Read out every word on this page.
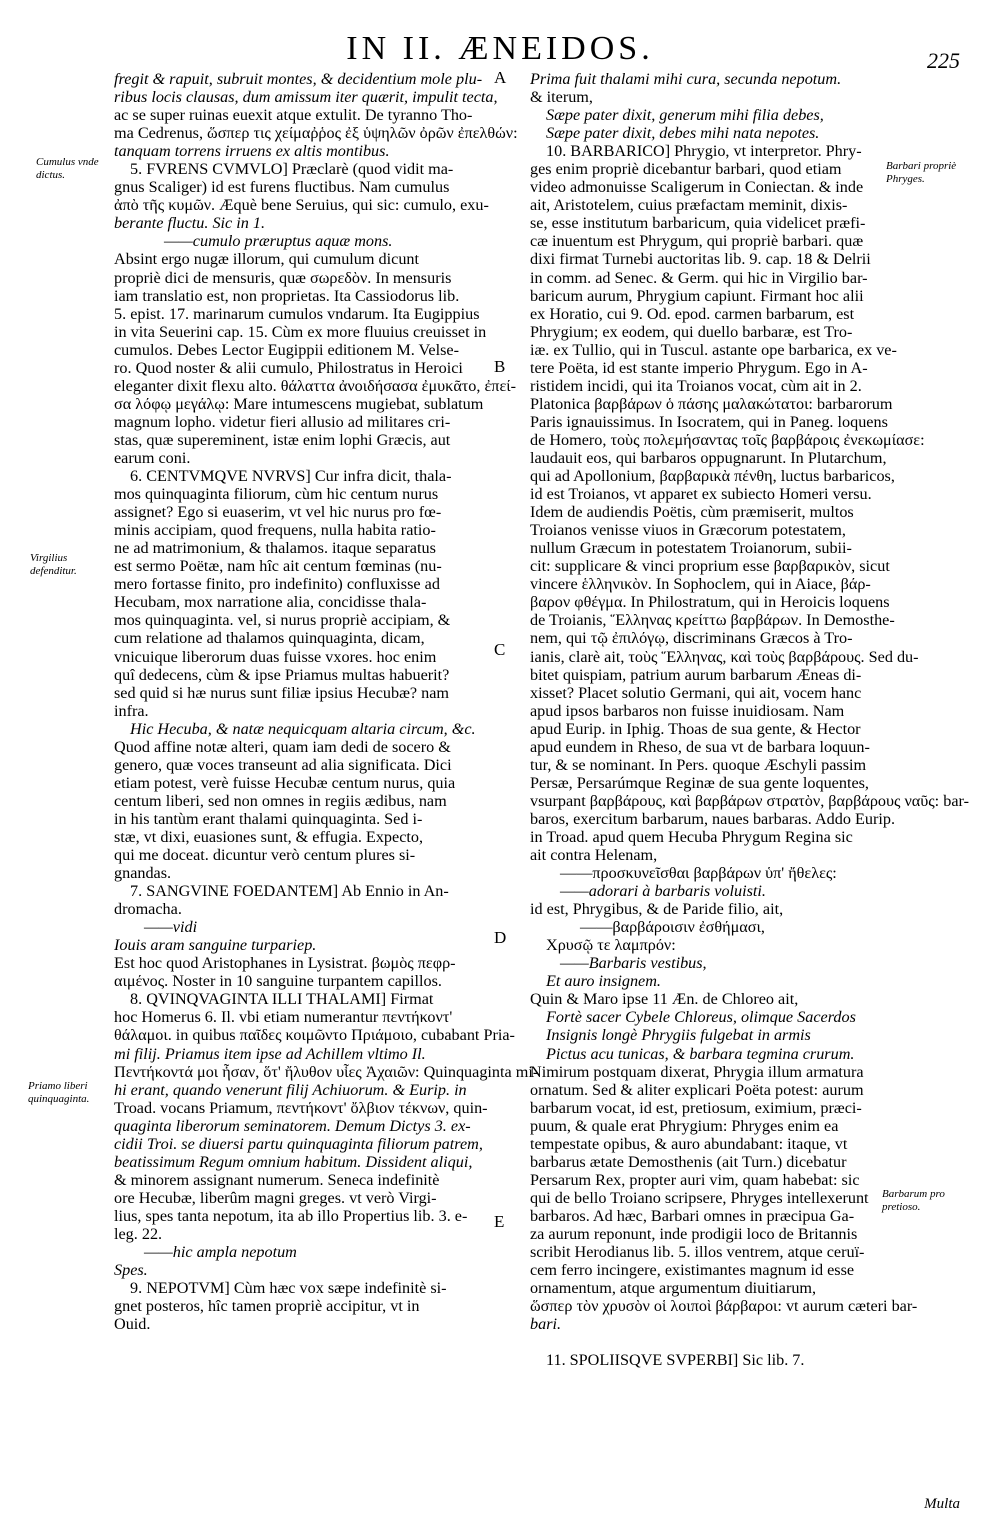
IN II. ÆNEIDOS.	225
fregit & rapuit, subruit montes, & decidentium mole plu-
ribus locis clausas, dum amissum iter quærit, impulit tecta,
ac se super ruinas euexit atque extulit. De tyranno Tho-
ma Cedrenus, ὥσπερ τις χείμαῤῥος ἐξ ὑψηλῶν ὀρῶν ἐπελθών:
tanquam torrens irruens ex altis montibus.
5. FVRENS CVMVLO] Præclarè (quod vidit ma-
gnus Scaliger) id est furens fluctibus. Nam cumulus
ἀπὸ τῆς κυμῶν. Æquè bene Seruius, qui sic: cumulo, exu-
berante fluctu. Sic in 1.
——cumulo præruptus aquæ mons.
Absint ergo nugæ illorum, qui cumulum dicunt
propriè dici de mensuris, quæ σωρεδὸν. In mensuris
iam translatio est, non proprietas. Ita Cassiodorus lib.
5. epist. 17. marinarum cumulos vndarum. Ita Eugippius
in vita Seuerini cap. 15. Cùm ex more fluuius creuisset in
cumulos. Debes Lector Eugippii editionem M. Velse-
ro. Quod noster & alii cumulo, Philostratus in Heroici
eleganter dixit flexu alto. θάλαττα ἀνοιδήσασα ἐμυκᾶτο, ἐπεί-
σα λόφῳ μεγάλῳ: Mare intumescens mugiebat, sublatum
magnum lopho. videtur fieri allusio ad militares cri-
stas, quæ supereminent, istæ enim lophi Græcis, aut
earum coni.
6. CENTVMQVE NVRVS] Cur infra dicit, thala-
mos quinquaginta filiorum, cùm hic centum nurus
assignet? Ego si euaserim, vt vel hic nurus pro fœ-
minis accipiam, quod frequens, nulla habita ratio-
ne ad matrimonium, & thalamos. itaque separatus
est sermo Poëtæ, nam hîc ait centum fœminas (nu-
mero fortasse finito, pro indefinito) confluxisse ad
Hecubam, mox narratione alia, concidisse thala-
mos quinquaginta. vel, si nurus propriè accipiam, &
cum relatione ad thalamos quinquaginta, dicam,
vnicuique liberorum duas fuisse vxores. hoc enim
quî dedecens, cùm & ipse Priamus multas habuerit?
sed quid si hæ nurus sunt filiæ ipsius Hecubæ? nam
infra.
Hic Hecuba, & natæ nequicquam altaria circum, &c.
Quod affine notæ alteri, quam iam dedi de socero &
genero, quæ voces transeunt ad alia significata. Dici
etiam potest, verè fuisse Hecubæ centum nurus, quia
centum liberi, sed non omnes in regiis ædibus, nam
in his tantùm erant thalami quinquaginta. Sed i-
stæ, vt dixi, euasiones sunt, & effugia. Expecto,
qui me doceat. dicuntur verò centum plures si-
gnandas.
7. SANGVINE FOEDANTEM] Ab Ennio in An-
dromacha.
——vidi
Iouis aram sanguine turpariер.
Est hoc quod Aristophanes in Lysistrat. βωμὸς πεφρ-
αιμένος. Noster in 10 sanguine turpantem capillos.
8. QVINQVAGINTA ILLI THALAMI] Firmat
hoc Homerus 6. Il. vbi etiam numerantur πεντήκοντ'
θάλαμοι. in quibus παῖδες κοιμῶντο Πριάμοιο, cubabant Pria-
mi filij. Priamus item ipse ad Achillem vltimo Il.
Πεντήκοντά μοι ἦσαν, ὅτ' ἤλυθον υἷες Ἀχαιῶν: Quinquaginta mi-
hi erant, quando venerunt filij Achiuorum. & Eurip. in
Troad. vocans Priamum, πεντήκοντ' ὄλβιον τέκνων, quin-
quaginta liberorum seminatorem. Demum Dictys 3. ex-
cidii Troi. se diuersi partu quinquaginta filiorum patrem,
beatissimum Regum omnium habitum. Dissident aliqui,
& minorem assignant numerum. Seneca indefinitè
ore Hecubæ, liberûm magni greges. vt verò Virgi-
lius, spes tanta nepotum, ita ab illo Propertius lib. 3. e-
leg. 22.
——hic ampla nepotum
Spes.
9. NEPOTVM] Cùm hæc vox sæpe indefinitè si-
gnet posteros, hîc tamen propriè accipitur, vt in
Ouid.
Prima fuit thalami mihi cura, secunda nepotum.
& iterum,
Sæpe pater dixit, generum mihi filia debes,
Sæpe pater dixit, debes mihi nata nepotes.
10. BARBARICO] Phrygio, vt interpretor. Phry-
ges enim propriè dicebantur barbari, quod etiam
video admonuisse Scaligerum in Coniectan. & inde
ait, Aristotelem, cuius præfactam meminit, dixis-
se, esse institutum barbaricum, quia videlicet præfi-
cæ inuentum est Phrygum, qui propriè barbari. quæ
dixi firmat Turnebi auctoritas lib. 9. cap. 18 & Delrii
in comm. ad Senec. & Germ. qui hic in Virgilio bar-
baricum aurum, Phrygium capiunt. Firmant hoc alii
ex Horatio, cui 9. Od. epod. carmen barbarum, est
Phrygium; ex eodem, qui duello barbaræ, est Tro-
iæ. ex Tullio, qui in Tuscul. astante ope barbarica, ex ve-
tere Poëta, id est stante imperio Phrygum. Ego in A-
ristidem incidi, qui ita Troianos vocat, cùm ait in 2.
Platonica βαρβάρων ὁ πάσης μαλακώτατοι: barbarorum
Paris ignauissimus. In Isocratem, qui in Paneg. loquens
de Homero, τοὺς πολεμήσαντας τοῖς βαρβάροις ἐνεκωμίασε:
laudauit eos, qui barbaros oppugnarunt. In Plutarchum,
qui ad Apollonium, βαρβαρικὰ πένθη, luctus barbaricos,
id est Troianos, vt apparet ex subiecto Homeri versu.
Idem de audiendis Poëtis, cùm præmiserit, multos
Troianos venisse viuos in Græcorum potestatem,
nullum Græcum in potestatem Troianorum, subii-
cit: supplicare & vinci proprium esse βαρβαρικὸν, sicut
vincere ἑλληνικὸν. In Sophoclem, qui in Aiace, βάρ-
βαρον φθέγμα. In Philostratum, qui in Heroicis loquens
de Troianis, Ἕλληνας κρείττω βαρβάρων. In Demosthe-
nem, qui τῷ ἐπιλόγῳ, discriminans Græcos à Tro-
ianis, clarè ait, τοὺς Ἕλληνας, καὶ τοὺς βαρβάρους. Sed du-
bitet quispiam, patrium aurum barbarum Æneas di-
xisset? Placet solutio Germani, qui ait, vocem hanc
apud ipsos barbaros non fuisse inuidiosam. Nam
apud Eurip. in Iphig. Thoas de sua gente, & Hector
apud eundem in Rheso, de sua vt de barbara loquun-
tur, & se nominant. In Pers. quoque Æschyli passim
Persæ, Persarúmque Reginæ de sua gente loquentes,
vsurpant βαρβάρους, καὶ βαρβάρων στρατὸν, βαρβάρους ναῦς: bar-
baros, exercitum barbarum, naues barbaras. Addo Eurip.
in Troad. apud quem Hecuba Phrygum Regina sic
ait contra Helenam,
——προσκυνεῖσθαι βαρβάρων ὑπ' ἤθελες:
——adorari à barbaris voluisti.
id est, Phrygibus, & de Paride filio, ait,
——βαρβάροισιν ἐσθήμασι,
Χρυσῷ τε λαμπρόν:
——Barbaris vestibus,
Et auro insignem.
Quin & Maro ipse 11 Æn. de Chloreo ait,
Fortè sacer Cybele Chloreus, olimque Sacerdos
Insignis longè Phrygiis fulgebat in armis
Pictus acu tunicas, & barbara tegmina crurum.
Nimirum postquam dixerat, Phrygia illum armatura
ornatum. Sed & aliter explicari Poëta potest: aurum
barbarum vocat, id est, pretiosum, eximium, præci-
puum, & quale erat Phrygium: Phryges enim ea
tempestate opibus, & auro abundabant: itaque, vt
barbarus ætate Demosthenis (ait Turn.) dicebatur
Persarum Rex, propter auri vim, quam habebat: sic
qui de bello Troiano scripsere, Phryges intellexerunt
barbaros. Ad hæc, Barbari omnes in præcipua Ga-
za aurum reponunt, inde prodigii loco de Britannis
scribit Herodianus lib. 5. illos ventrem, atque ceruï-
cem ferro incingere, existimantes magnum id esse
ornamentum, atque argumentum diuitiarum,
ὥσπερ τὸν χρυσὸν οἱ λοιποὶ βάρβαροι: vt aurum cæteri bar-
bari.
11. SPOLIISQVE SVPERBI] Sic lib. 7.
Cumulus vnde dictus.
Virgilius defenditur.
Priamo liberi quinquaginta.
Barbari propriè Phryges.
Barbarum pro pretioso.
A
B
C
D
E
Multa
